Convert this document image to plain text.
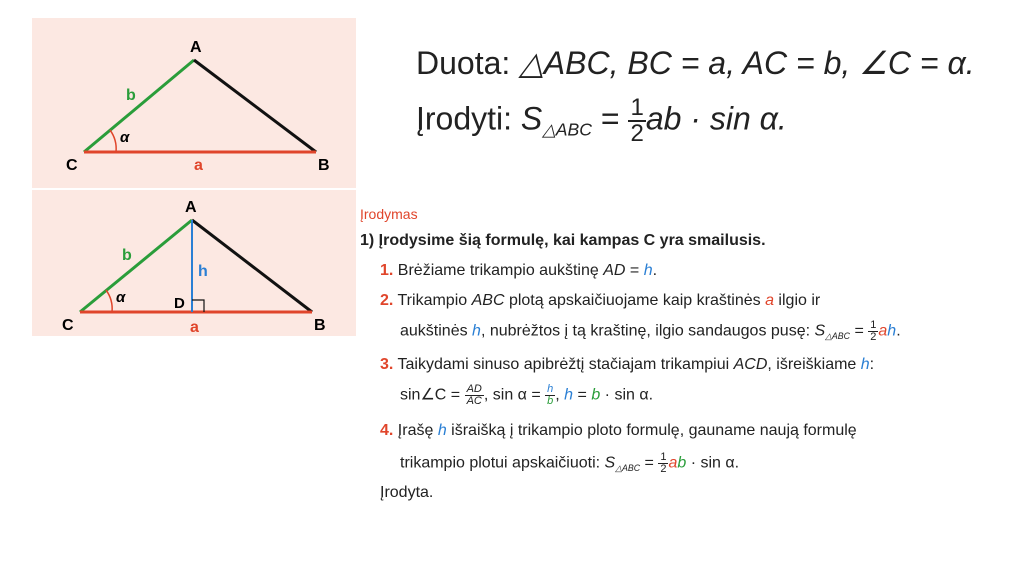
A
B
C	a
b
α
A
B
C
D
a
b
h
α
Duota: △ABC, BC = a, AC = b, ∠C = α.
Įrodyti: $S_{\triangle ABC} = \frac{1}{2}$ ab · sin α.
Įrodymas
1) Įrodysime šią formulę, kai kampas C yra smailusis.
1. Brėžiame trikampio aukštinę AD = h.
2. Trikampio ABC plotą apskaičiuojame kaip kraštinės a ilgio ir
aukštinės h, nubrėžtos į tą kraštinę, ilgio sandaugos pusę: $S_{\triangle ABC} = \frac{1}{2}$ ah.
3. Taikydami sinuso apibrėžtį stačiajam trikampiui ACD, išreiškiame h:
sin∠C = $\frac{AD}{AC}$ , $\sin \alpha = \frac{h}{b}$ , h = b · sin α.
4. Įrašę h išraišką į trikampio ploto formulę, gauname naują formulę
trikampio plotui apskaičiuoti: $S_{\triangle ABC} = \frac{1}{2}$ ab · sin α.
Įrodyta.
